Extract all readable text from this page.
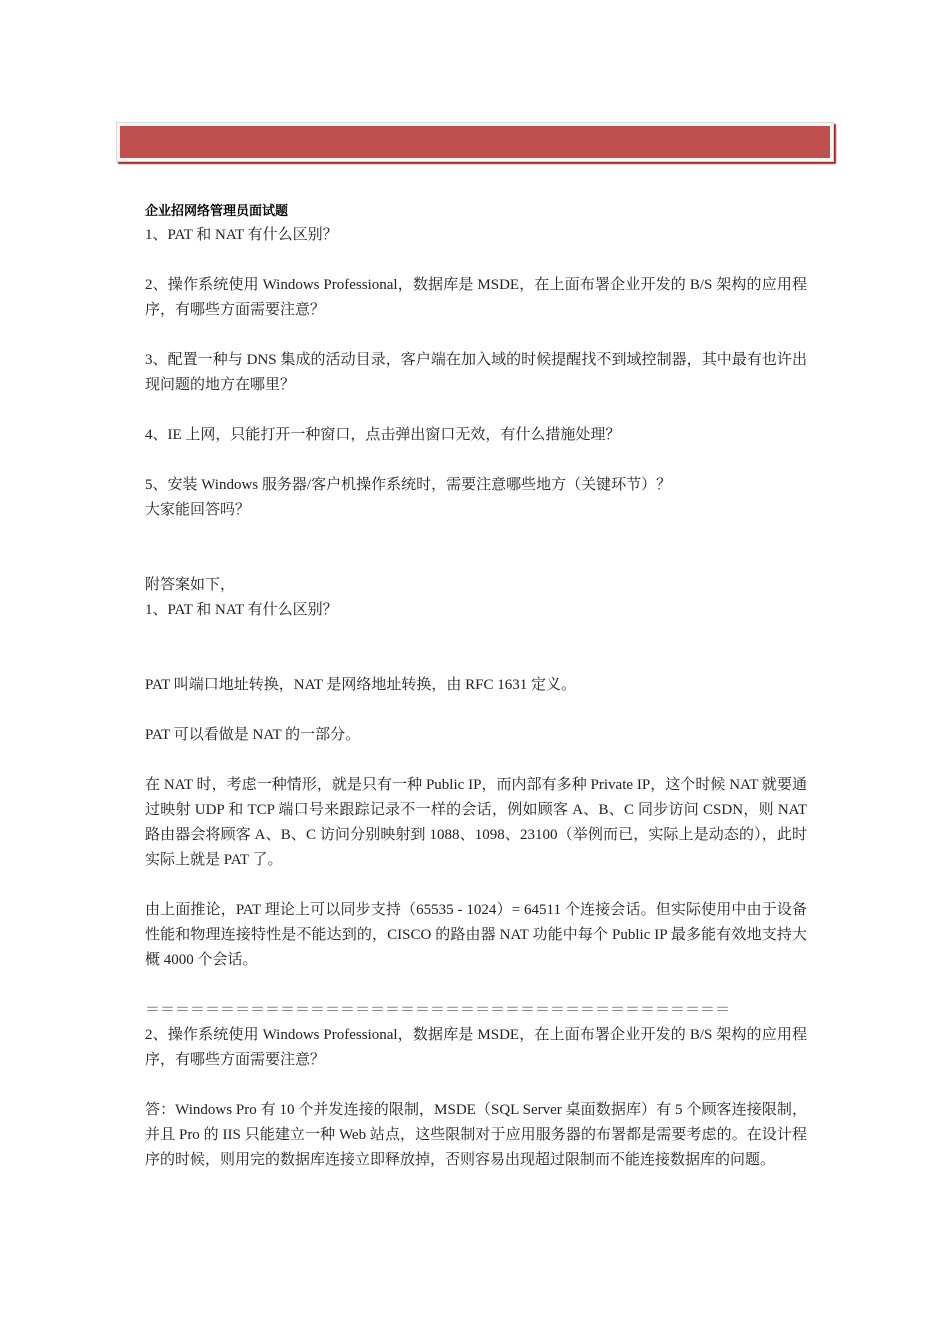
企业招网络管理员面试题

1、PAT 和 NAT 有什么区别？

2、操作系统使用 Windows Professional，数据库是 MSDE，在上面布署企业开发的 B/S 架构的应用程序，有哪些方面需要注意？

3、配置一种与 DNS 集成的活动目录，客户端在加入域的时候提醒找不到域控制器，其中最有也许出现问题的地方在哪里？

4、IE 上网，只能打开一种窗口，点击弹出窗口无效，有什么措施处理？

5、安装 Windows 服务器/客户机操作系统时，需要注意哪些地方（关键环节）？

大家能回答吗？

附答案如下，

1、PAT 和 NAT 有什么区别？

PAT 叫端口地址转换，NAT 是网络地址转换，由 RFC 1631 定义。

PAT 可以看做是 NAT 的一部分。

在 NAT 时，考虑一种情形，就是只有一种 Public IP，而内部有多种 Private IP，这个时候 NAT 就要通过映射 UDP 和 TCP 端口号来跟踪记录不一样的会话，例如顾客 A、B、C 同步访问 CSDN，则 NAT 路由器会将顾客 A、B、C 访问分别映射到 1088、1098、23100（举例而已，实际上是动态的），此时实际上就是 PAT 了。

由上面推论，PAT 理论上可以同步支持（65535 - 1024）= 64511 个连接会话。但实际使用中由于设备性能和物理连接特性是不能达到的，CISCO 的路由器 NAT 功能中每个 Public IP 最多能有效地支持大概 4000 个会话。

＝＝＝＝＝＝＝＝＝＝＝＝＝＝＝＝＝＝＝＝＝＝＝＝＝＝＝＝＝＝＝＝＝＝＝＝＝＝＝

2、操作系统使用 Windows Professional，数据库是 MSDE，在上面布署企业开发的 B/S 架构的应用程序，有哪些方面需要注意？

答：Windows Pro 有 10 个并发连接的限制，MSDE（SQL Server 桌面数据库）有 5 个顾客连接限制，并且 Pro 的 IIS 只能建立一种 Web 站点，这些限制对于应用服务器的布署都是需要考虑的。在设计程序的时候，则用完的数据库连接立即释放掉，否则容易出现超过限制而不能连接数据库的问题。
